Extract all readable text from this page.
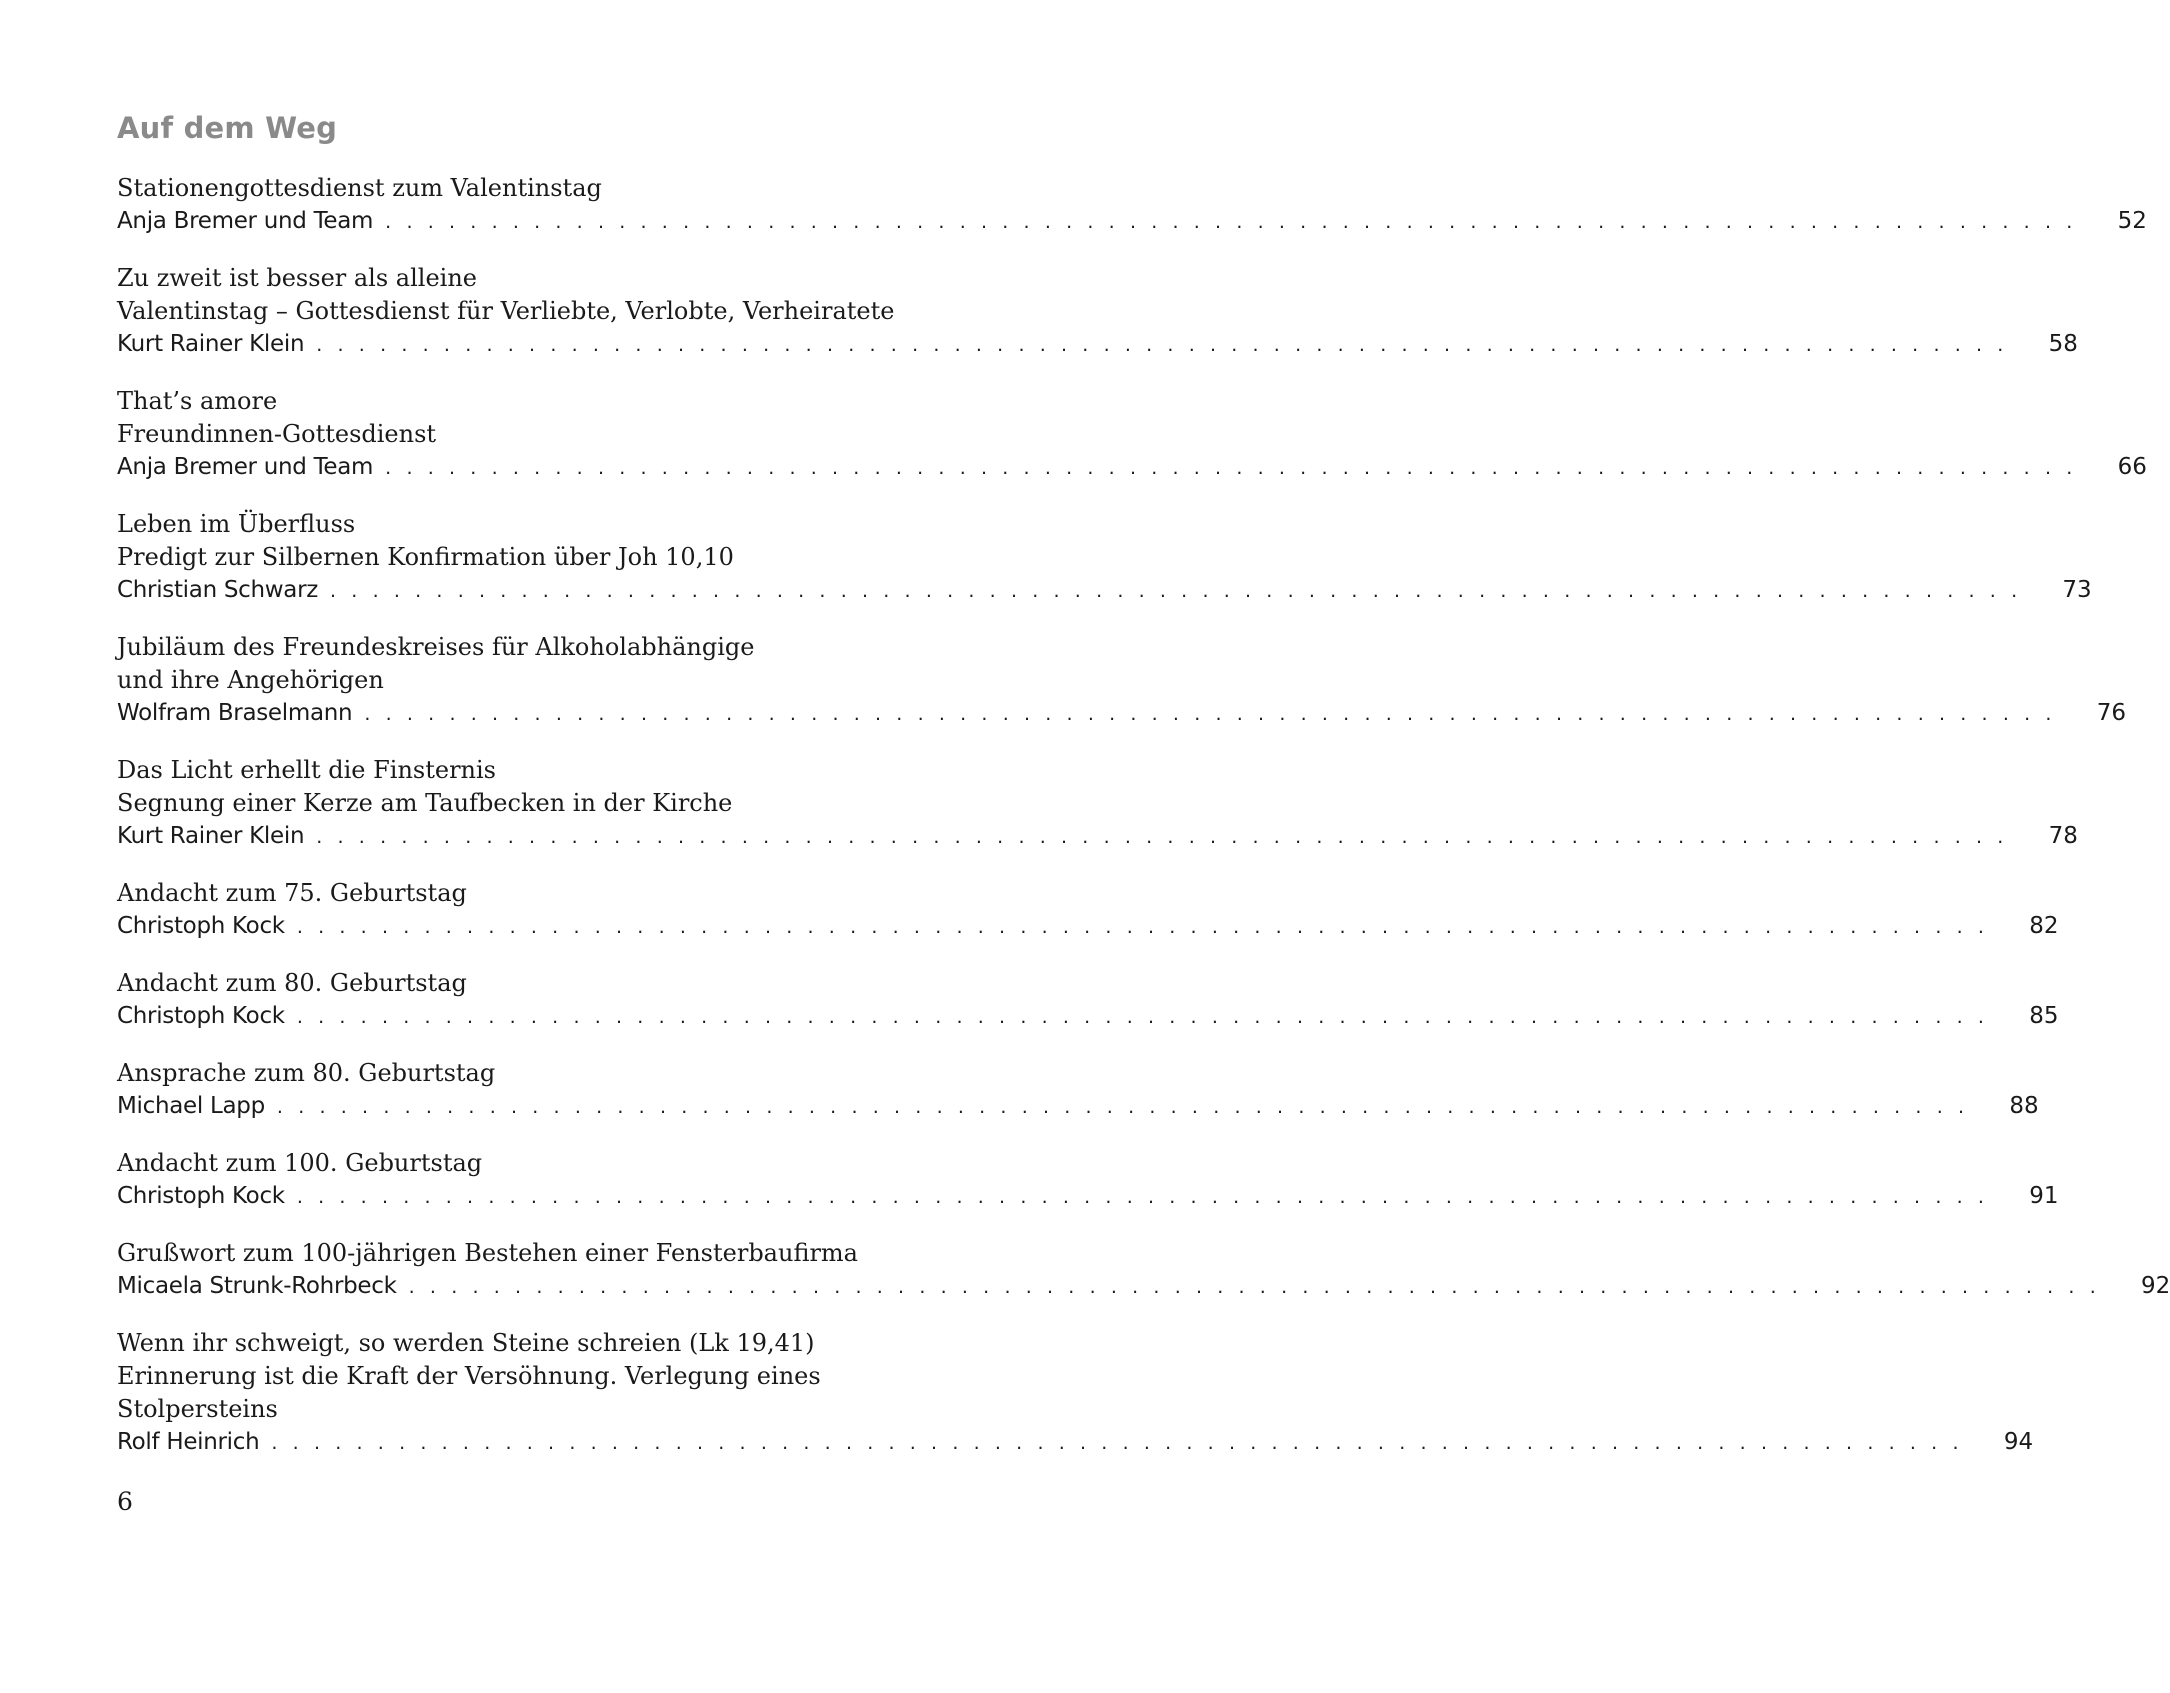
Auf dem Weg
Stationengottesdienst zum Valentinstag
Anja Bremer und Team . . . . . . . . . . . . . . . . . . . . . . . . . . . . . . . . . . . . . . . . . . . . . . . . . . . . . . . . . . . . . . . . . . . . . . . . . . . . . . . .	52
Zu zweit ist besser als alleine
Valentinstag – Gottesdienst für Verliebte, Verlobte, Verheiratete
Kurt Rainer Klein . . . . . . . . . . . . . . . . . . . . . . . . . . . . . . . . . . . . . . . . . . . . . . . . . . . . . . . . . . . . . . . . . . . . . . . . . . . . . . . .	58
That’s amore
Freundinnen-Gottesdienst
Anja Bremer und Team . . . . . . . . . . . . . . . . . . . . . . . . . . . . . . . . . . . . . . . . . . . . . . . . . . . . . . . . . . . . . . . . . . . . . . . . . . . . . . . .	66
Leben im Überfluss
Predigt zur Silbernen Konfirmation über Joh 10,10
Christian Schwarz . . . . . . . . . . . . . . . . . . . . . . . . . . . . . . . . . . . . . . . . . . . . . . . . . . . . . . . . . . . . . . . . . . . . . . . . . . . . . . . .	73
Jubiläum des Freundeskreises für Alkoholabhängige
und ihre Angehörigen
Wolfram Braselmann . . . . . . . . . . . . . . . . . . . . . . . . . . . . . . . . . . . . . . . . . . . . . . . . . . . . . . . . . . . . . . . . . . . . . . . . . . . . . . . .	76
Das Licht erhellt die Finsternis
Segnung einer Kerze am Taufbecken in der Kirche
Kurt Rainer Klein . . . . . . . . . . . . . . . . . . . . . . . . . . . . . . . . . . . . . . . . . . . . . . . . . . . . . . . . . . . . . . . . . . . . . . . . . . . . . . . .	78
Andacht zum 75. Geburtstag
Christoph Kock . . . . . . . . . . . . . . . . . . . . . . . . . . . . . . . . . . . . . . . . . . . . . . . . . . . . . . . . . . . . . . . . . . . . . . . . . . . . . . . .	82
Andacht zum 80. Geburtstag
Christoph Kock . . . . . . . . . . . . . . . . . . . . . . . . . . . . . . . . . . . . . . . . . . . . . . . . . . . . . . . . . . . . . . . . . . . . . . . . . . . . . . . .	85
Ansprache zum 80. Geburtstag
Michael Lapp . . . . . . . . . . . . . . . . . . . . . . . . . . . . . . . . . . . . . . . . . . . . . . . . . . . . . . . . . . . . . . . . . . . . . . . . . . . . . . . .	88
Andacht zum 100. Geburtstag
Christoph Kock . . . . . . . . . . . . . . . . . . . . . . . . . . . . . . . . . . . . . . . . . . . . . . . . . . . . . . . . . . . . . . . . . . . . . . . . . . . . . . . .	91
Grußwort zum 100-jährigen Bestehen einer Fensterbaufirma
Micaela Strunk-Rohrbeck . . . . . . . . . . . . . . . . . . . . . . . . . . . . . . . . . . . . . . . . . . . . . . . . . . . . . . . . . . . . . . . . . . . . . . . . . . . . . . . .	92
Wenn ihr schweigt, so werden Steine schreien (Lk 19,41)
Erinnerung ist die Kraft der Versöhnung. Verlegung eines
Stolpersteins
Rolf Heinrich . . . . . . . . . . . . . . . . . . . . . . . . . . . . . . . . . . . . . . . . . . . . . . . . . . . . . . . . . . . . . . . . . . . . . . . . . . . . . . . .	94
6
